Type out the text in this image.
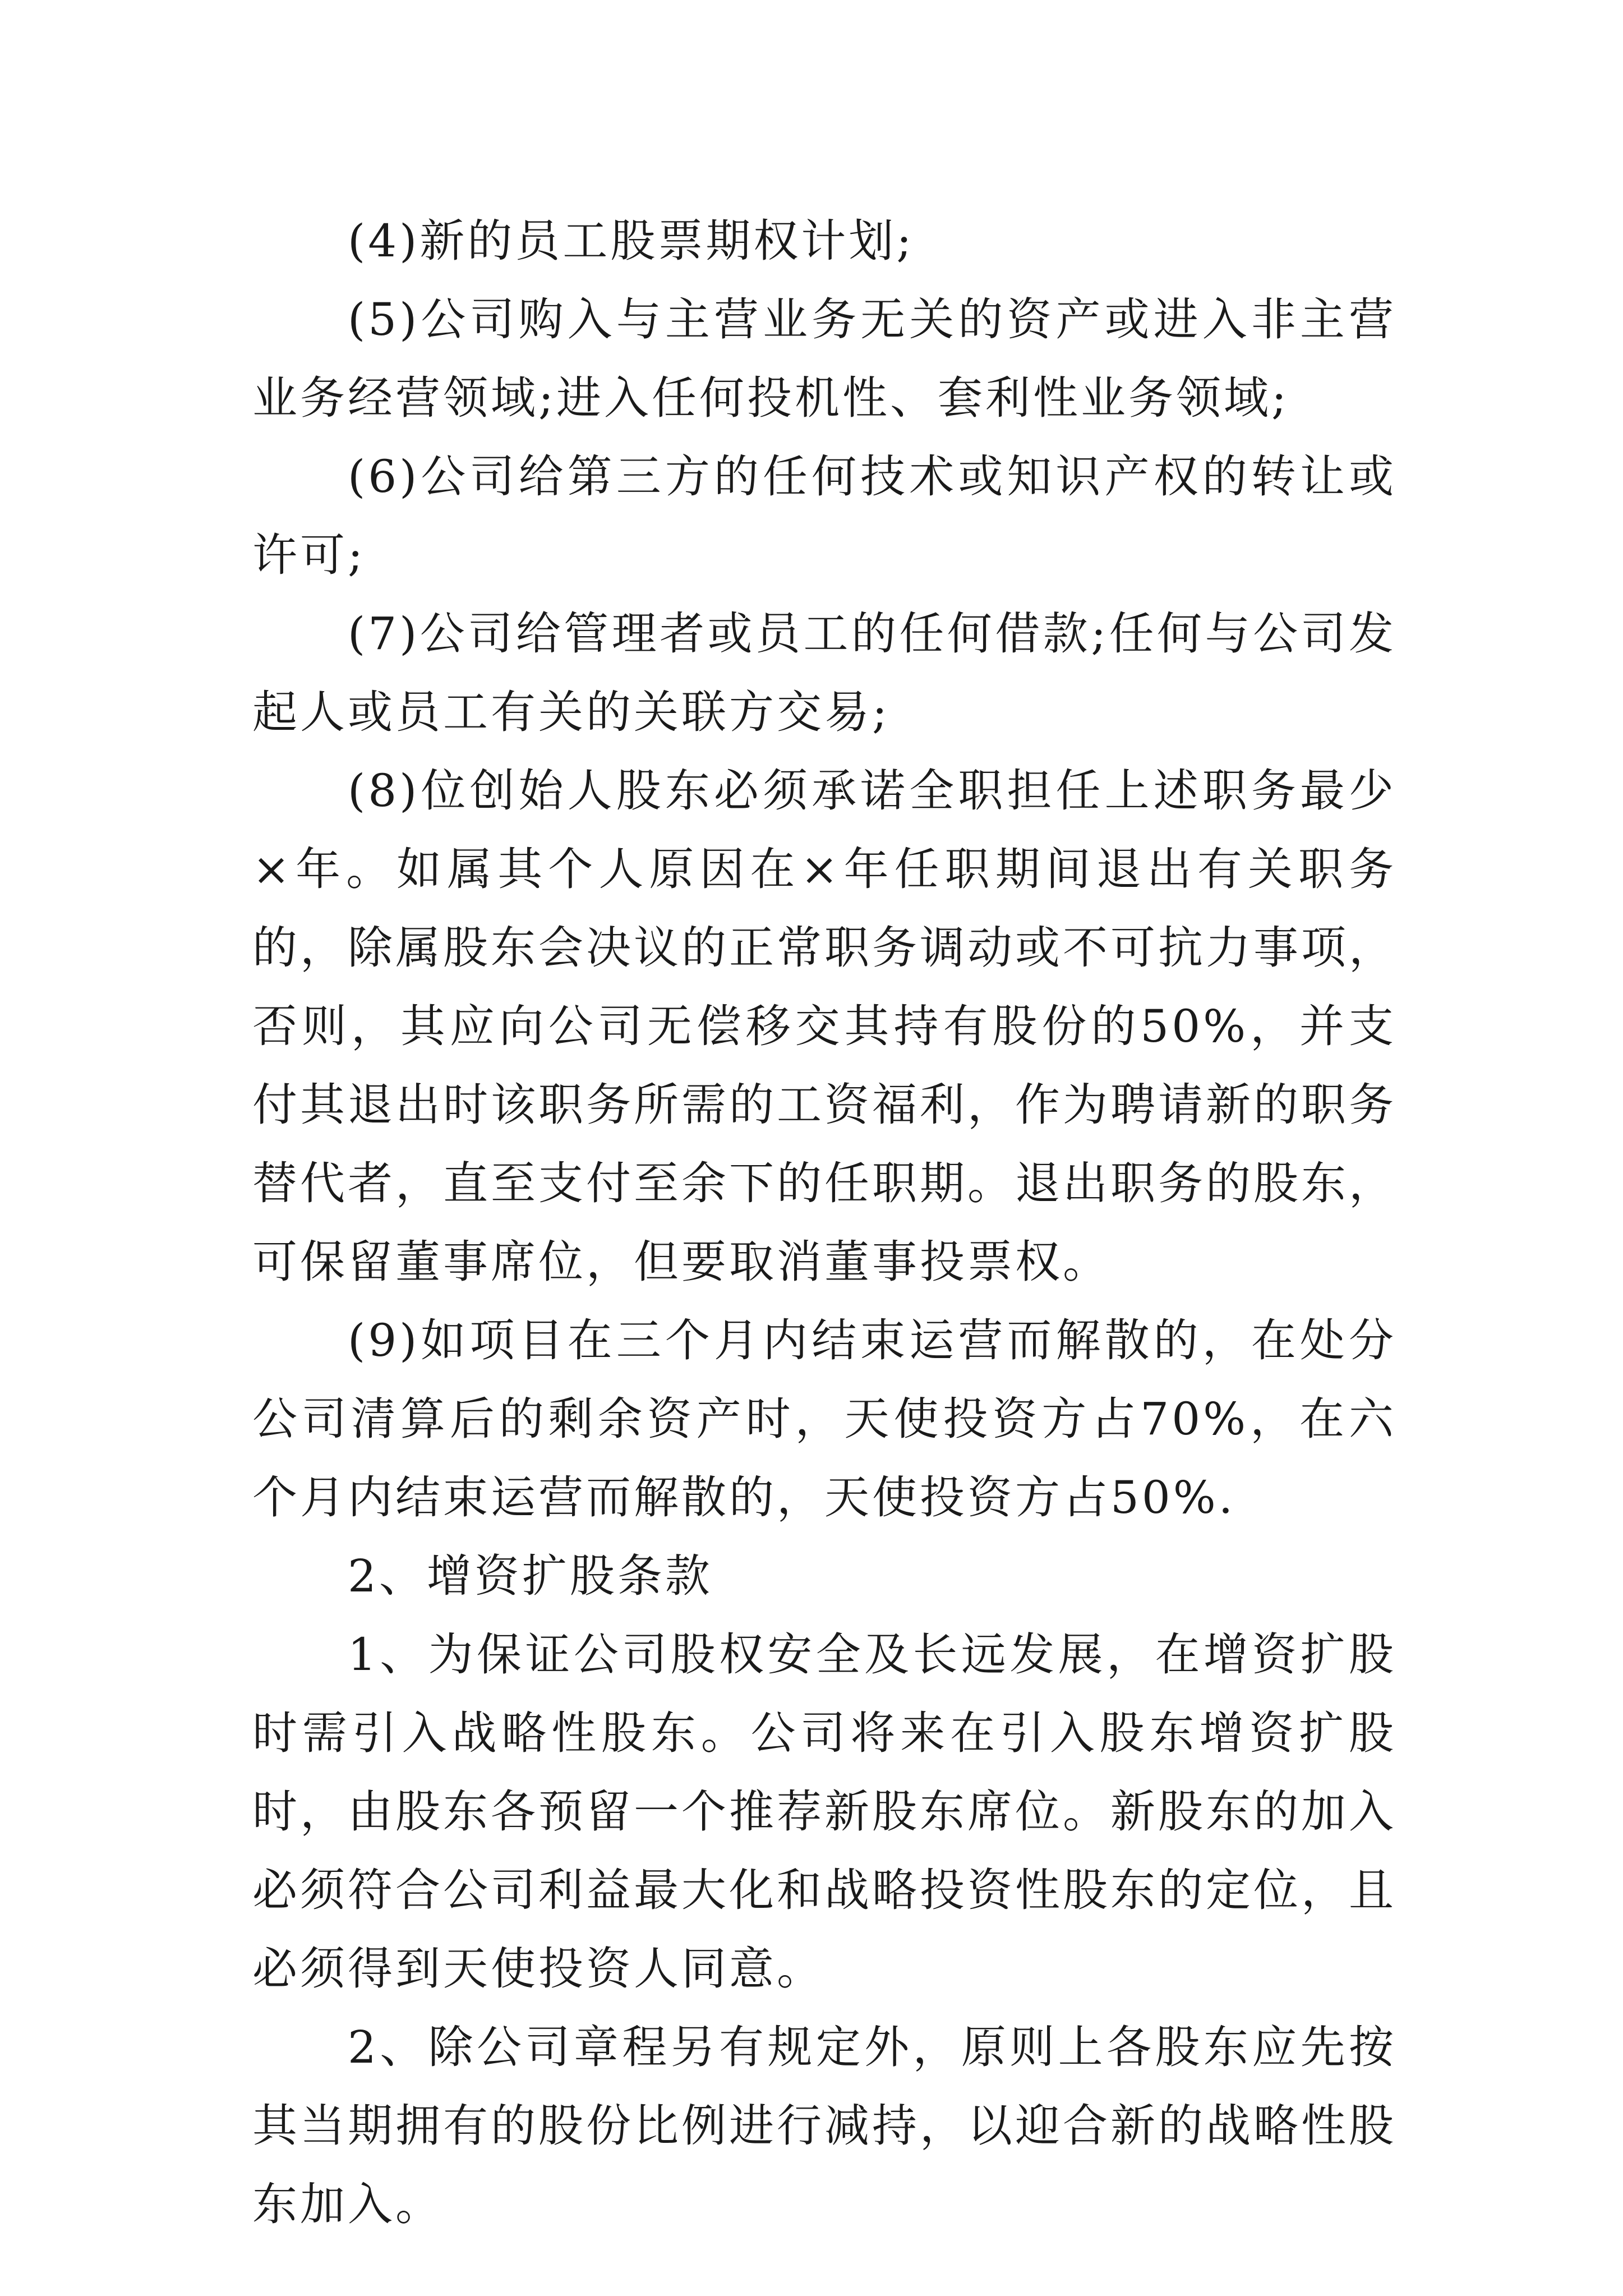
(4)新的员工股票期权计划;

(5)公司购入与主营业务无关的资产或进入非主营业务经营领域;进入任何投机性、套利性业务领域;

(6)公司给第三方的任何技术或知识产权的转让或许可;

(7)公司给管理者或员工的任何借款;任何与公司发起人或员工有关的关联方交易;

(8)位创始人股东必须承诺全职担任上述职务最少×年。如属其个人原因在×年任职期间退出有关职务的，除属股东会决议的正常职务调动或不可抗力事项，否则，其应向公司无偿移交其持有股份的50%，并支付其退出时该职务所需的工资福利，作为聘请新的职务替代者，直至支付至余下的任职期。退出职务的股东，可保留董事席位，但要取消董事投票权。

(9)如项目在三个月内结束运营而解散的，在处分公司清算后的剩余资产时，天使投资方占70%，在六个月内结束运营而解散的，天使投资方占50%.

2、增资扩股条款

1、为保证公司股权安全及长远发展，在增资扩股时需引入战略性股东。公司将来在引入股东增资扩股时，由股东各预留一个推荐新股东席位。新股东的加入必须符合公司利益最大化和战略投资性股东的定位，且必须得到天使投资人同意。

2、除公司章程另有规定外，原则上各股东应先按其当期拥有的股份比例进行减持，以迎合新的战略性股东加入。
